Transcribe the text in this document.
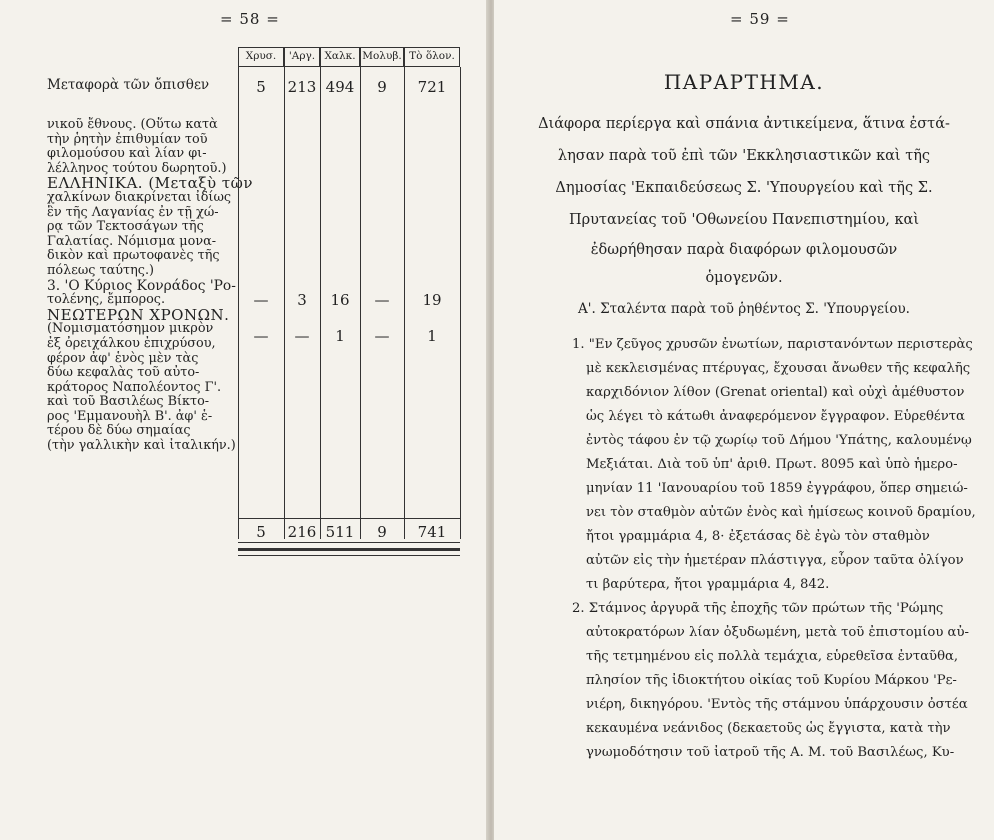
= 58 =
Χρυσ.	'Αργ. Χαλκ. Μολυβ. Τὸ ὅλον.
Μεταφορὰ τῶν ὄπισθεν	5	213 494	9	721
—	3	16	—	19
—	—	1	—	1
5	216 511	9	741
νικοῦ ἔθνους. (Οὕτω κατὰ
τὴν ῥητὴν ἐπιθυμίαν τοῦ
φιλομούσου καὶ λίαν φι-
λέλληνος τούτου δωρητοῦ.)
ΕΛΛΗΝΙΚΑ. (Μεταξὺ τῶν
χαλκίνων διακρίνεται ἰδίως
ἓν τῆς Λαγανίας ἐν τῇ χώ-
ρᾳ τῶν Τεκτοσάγων τῆς
Γαλατίας. Νόμισμα μονα-
δικὸν καὶ πρωτοφανὲς τῆς
πόλεως ταύτης.)
3. 'Ο Κύριος Κονράδος 'Ρο-
τολένης, ἔμπορος.
ΝΕΩΤΕΡΩΝ ΧΡΟΝΩΝ.
(Νομισματόσημον μικρὸν
ἐξ ὀρειχάλκου ἐπιχρύσου,
φέρον ἀφ' ἑνὸς μὲν τὰς
δύω κεφαλὰς τοῦ αὐτο-
κράτορος Ναπολέοντος Γ'.
καὶ τοῦ Βασιλέως Βίκτο-
ρος 'Εμμανουὴλ Β'. ἀφ' ἑ-
τέρου δὲ δύω σημαίας
(τὴν γαλλικὴν καὶ ἰταλικήν.)
= 59 =
ΠΑΡΑΡΤΗΜΑ.
Διάφορα περίεργα καὶ σπάνια ἀντικείμενα, ἅτινα ἐστά-
λησαν παρὰ τοῦ ἐπὶ τῶν 'Εκκλησιαστικῶν καὶ τῆς
Δημοσίας 'Εκπαιδεύσεως Σ. 'Υπουργείου καὶ τῆς Σ.
Πρυτανείας τοῦ 'Οθωνείου Πανεπιστημίου, καὶ
ἐδωρήθησαν παρὰ διαφόρων φιλομουσῶν
ὁμογενῶν.
Α'. Σταλέντα παρὰ τοῦ ῥηθέντος Σ. 'Υπουργείου.
1. "Εν ζεῦγος χρυσῶν ἐνωτίων, παριστανόντων περιστερὰς
μὲ κεκλεισμένας πτέρυγας, ἔχουσαι ἄνωθεν τῆς κεφαλῆς
καρχιδόνιον λίθον (Grenat oriental) καὶ οὐχὶ ἀμέθυστον
ὡς λέγει τὸ κάτωθι ἀναφερόμενον ἔγγραφον. Εὑρεθέντα
ἐντὸς τάφου ἐν τῷ χωρίῳ τοῦ Δήμου 'Υπάτης, καλουμένῳ
Μεξιάται. Διὰ τοῦ ὑπ' ἀριθ. Πρωτ. 8095 καὶ ὑπὸ ἡμερο-
μηνίαν 11 'Ιανουαρίου τοῦ 1859 ἐγγράφου, ὅπερ σημειώ-
νει τὸν σταθμὸν αὐτῶν ἑνὸς καὶ ἡμίσεως κοινοῦ δραμίου,
ἤτοι γραμμάρια 4, 8· ἐξετάσας δὲ ἐγὼ τὸν σταθμὸν
αὐτῶν εἰς τὴν ἡμετέραν πλάστιγγα, εὗρον ταῦτα ὀλίγον
τι βαρύτερα, ἤτοι γραμμάρια 4, 842.
2. Στάμνος ἀργυρᾶ τῆς ἐποχῆς τῶν πρώτων τῆς 'Ρώμης
αὐτοκρατόρων λίαν ὀξυδωμένη, μετὰ τοῦ ἐπιστομίου αὐ-
τῆς τετμημένου εἰς πολλὰ τεμάχια, εὑρεθεῖσα ἐνταῦθα,
πλησίον τῆς ἰδιοκτήτου οἰκίας τοῦ Κυρίου Μάρκου 'Ρε-
νιέρη, δικηγόρου. 'Εντὸς τῆς στάμνου ὑπάρχουσιν ὀστέα
κεκαυμένα νεάνιδος (δεκαετοῦς ὡς ἔγγιστα, κατὰ τὴν
γνωμοδότησιν τοῦ ἰατροῦ τῆς Α. Μ. τοῦ Βασιλέως, Κυ-
